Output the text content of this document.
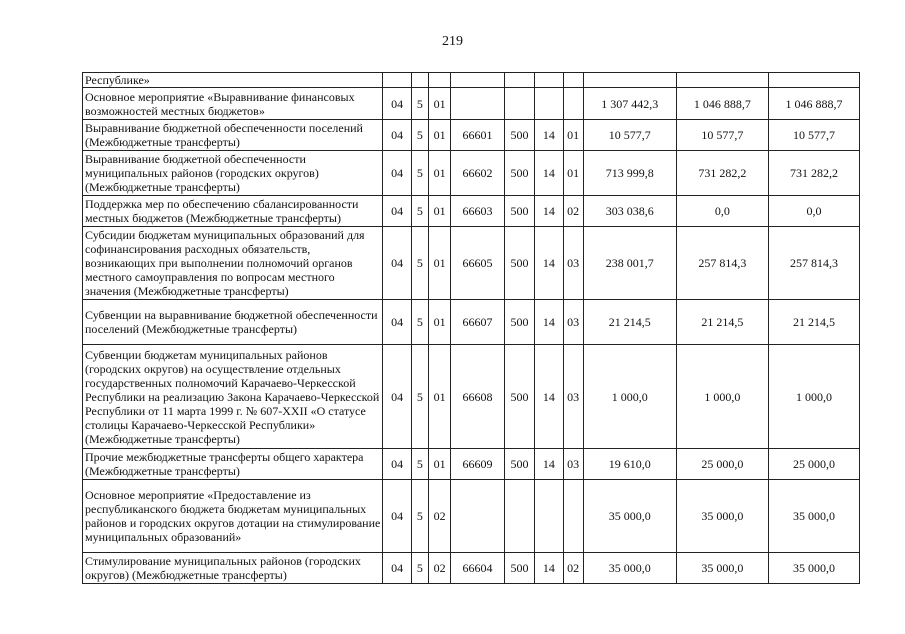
219
Республике»										
Основное мероприятие «Выравнивание финансовых возможностей местных бюджетов»	04	5	01					1 307 442,3	1 046 888,7	1 046 888,7
Выравнивание бюджетной обеспеченности поселений (Межбюджетные трансферты)	04	5	01	66601	500	14	01	10 577,7	10 577,7	10 577,7
Выравнивание бюджетной обеспеченности муниципальных районов (городских округов) (Межбюджетные трансферты)	04	5	01	66602	500	14	01	713 999,8	731 282,2	731 282,2
Поддержка мер по обеспечению сбалансированности местных бюджетов (Межбюджетные трансферты)	04	5	01	66603	500	14	02	303 038,6	0,0	0,0
Субсидии бюджетам муниципальных образований для софинансирования расходных обязательств, возникающих при выполнении полномочий органов местного самоуправления по вопросам местного значения (Межбюджетные трансферты)	04	5	01	66605	500	14	03	238 001,7	257 814,3	257 814,3
Субвенции на выравнивание бюджетной обеспеченности поселений (Межбюджетные трансферты)	04	5	01	66607	500	14	03	21 214,5	21 214,5	21 214,5
Субвенции бюджетам муниципальных районов (городских округов) на осуществление отдельных государственных полномочий Карачаево-Черкесской Республики на реализацию Закона Карачаево-Черкесской Республики от 11 марта 1999 г. № 607-XXII «О статусе столицы Карачаево-Черкесской Республики» (Межбюджетные трансферты)	04	5	01	66608	500	14	03	1 000,0	1 000,0	1 000,0
Прочие межбюджетные трансферты общего характера (Межбюджетные трансферты)	04	5	01	66609	500	14	03	19 610,0	25 000,0	25 000,0
Основное мероприятие «Предоставление из республиканского бюджета бюджетам муниципальных районов и городских округов дотации на стимулирование муниципальных образований»	04	5	02					35 000,0	35 000,0	35 000,0
Стимулирование муниципальных районов (городских округов) (Межбюджетные трансферты)	04	5	02	66604	500	14	02	35 000,0	35 000,0	35 000,0
